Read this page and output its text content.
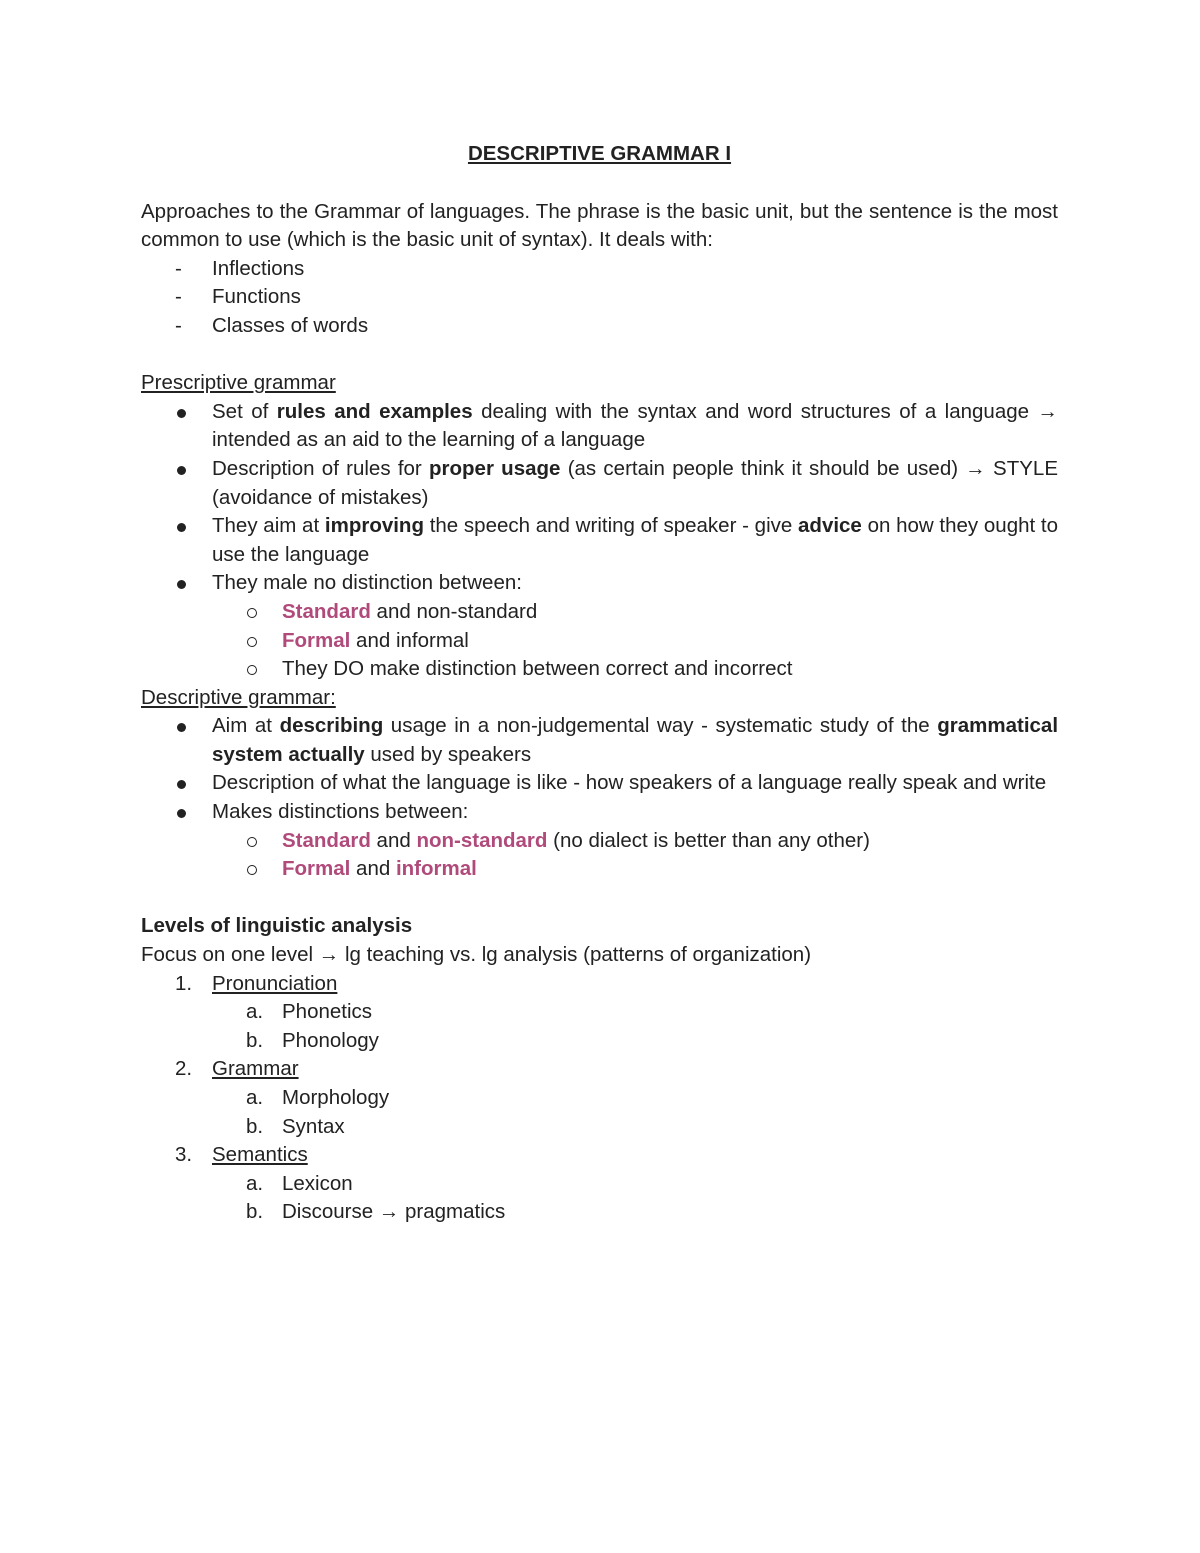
DESCRIPTIVE GRAMMAR I

Approaches to the Grammar of languages. The phrase is the basic unit, but the sentence is the most common to use (which is the basic unit of syntax). It deals with:

- Inflections
- Functions
- Classes of words

Prescriptive grammar

Set of rules and examples dealing with the syntax and word structures of a language → intended as an aid to the learning of a language
Description of rules for proper usage (as certain people think it should be used) → STYLE (avoidance of mistakes)
They aim at improving the speech and writing of speaker - give advice on how they ought to use the language
They male no distinction between:
Standard and non-standard
Formal and informal
They DO make distinction between correct and incorrect

Descriptive grammar:

Aim at describing usage in a non-judgemental way - systematic study of the grammatical system actually used by speakers
Description of what the language is like - how speakers of a language really speak and write
Makes distinctions between:
Standard and non-standard (no dialect is better than any other)
Formal and informal

Levels of linguistic analysis

Focus on one level → lg teaching vs. lg analysis (patterns of organization)

1. Pronunciation
a. Phonetics
b. Phonology
2. Grammar
a. Morphology
b. Syntax
3. Semantics
a. Lexicon
b. Discourse → pragmatics
